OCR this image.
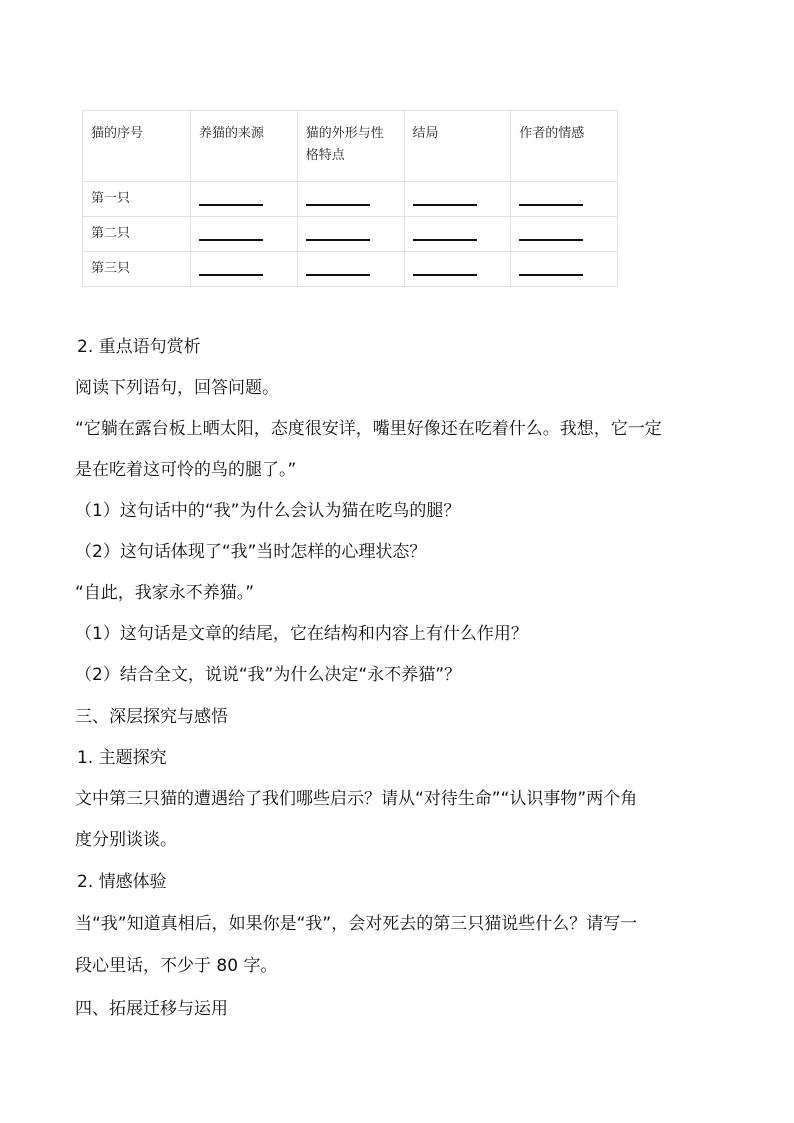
猫的序号	养猫的来源	猫的外形与性格特点	结局	作者的情感
第一只				
第二只				
第三只				
2. 重点语句赏析
阅读下列语句，回答问题。
“它躺在露台板上晒太阳，态度很安详，嘴里好像还在吃着什么。我想，它一定
是在吃着这可怜的鸟的腿了。”
（1）这句话中的“我”为什么会认为猫在吃鸟的腿？
（2）这句话体现了“我”当时怎样的心理状态？
“自此，我家永不养猫。”
（1）这句话是文章的结尾，它在结构和内容上有什么作用？
（2）结合全文，说说“我”为什么决定“永不养猫”？
三、深层探究与感悟
1. 主题探究
文中第三只猫的遭遇给了我们哪些启示？请从“对待生命”“认识事物”两个角
度分别谈谈。
2. 情感体验
当“我”知道真相后，如果你是“我”，会对死去的第三只猫说些什么？请写一
段心里话，不少于 80 字。
四、拓展迁移与运用
